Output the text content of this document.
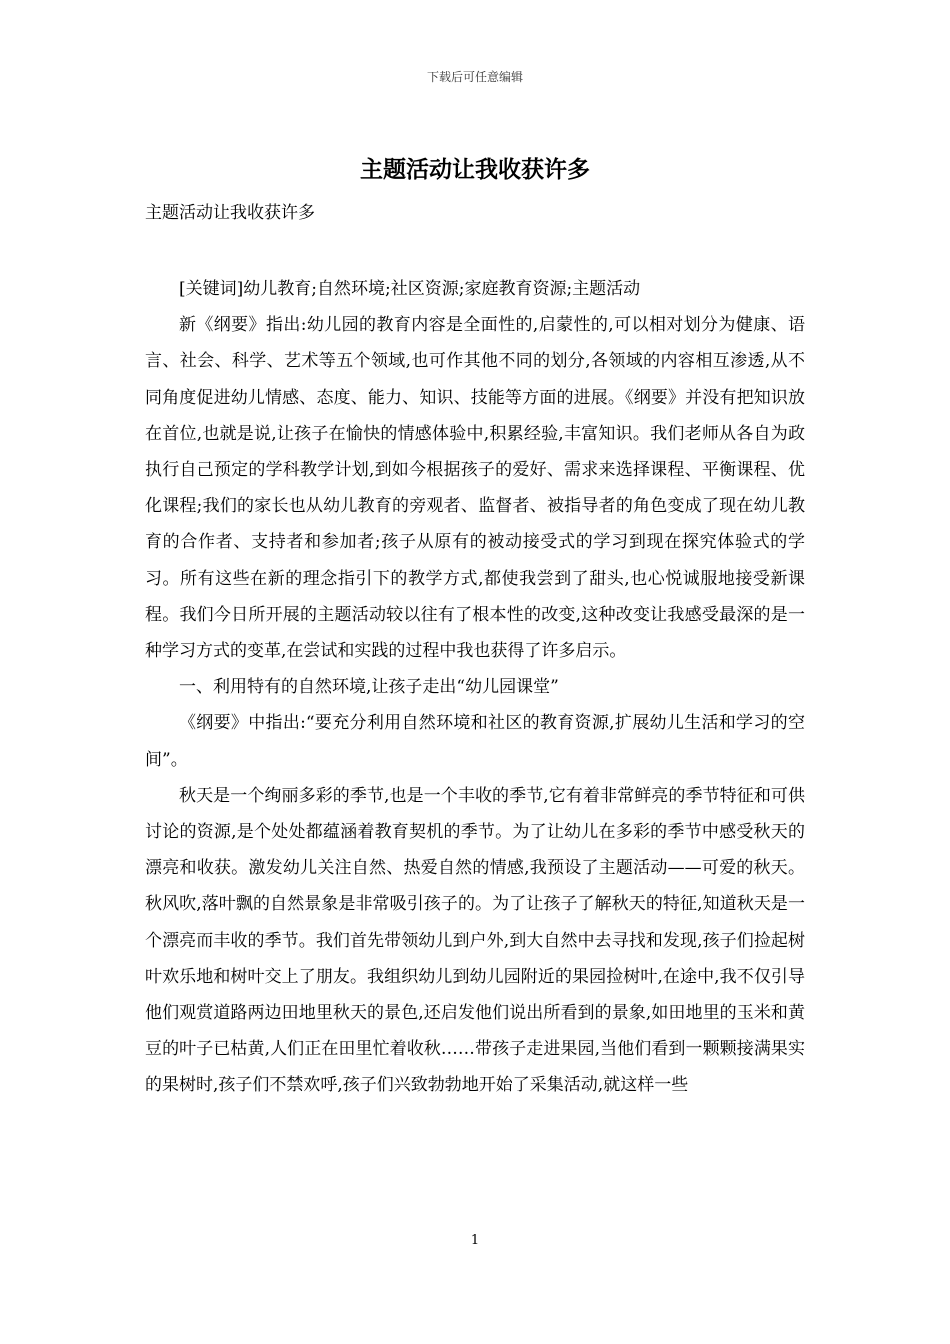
下载后可任意编辑
主题活动让我收获许多
主题活动让我收获许多

[关键词]幼儿教育;自然环境;社区资源;家庭教育资源;主题活动

新《纲要》指出:幼儿园的教育内容是全面性的,启蒙性的,可以相对划分为健康、语言、社会、科学、艺术等五个领域,也可作其他不同的划分,各领域的内容相互渗透,从不同角度促进幼儿情感、态度、能力、知识、技能等方面的进展。《纲要》并没有把知识放在首位,也就是说,让孩子在愉快的情感体验中,积累经验,丰富知识。我们老师从各自为政执行自己预定的学科教学计划,到如今根据孩子的爱好、需求来选择课程、平衡课程、优化课程;我们的家长也从幼儿教育的旁观者、监督者、被指导者的角色变成了现在幼儿教育的合作者、支持者和参加者;孩子从原有的被动接受式的学习到现在探究体验式的学习。所有这些在新的理念指引下的教学方式,都使我尝到了甜头,也心悦诚服地接受新课程。我们今日所开展的主题活动较以往有了根本性的改变,这种改变让我感受最深的是一种学习方式的变革,在尝试和实践的过程中我也获得了许多启示。

一、利用特有的自然环境,让孩子走出“幼儿园课堂”

《纲要》中指出:“要充分利用自然环境和社区的教育资源,扩展幼儿生活和学习的空间”。

秋天是一个绚丽多彩的季节,也是一个丰收的季节,它有着非常鲜亮的季节特征和可供讨论的资源,是个处处都蕴涵着教育契机的季节。为了让幼儿在多彩的季节中感受秋天的漂亮和收获。激发幼儿关注自然、热爱自然的情感,我预设了主题活动——可爱的秋天。秋风吹,落叶飘的自然景象是非常吸引孩子的。为了让孩子了解秋天的特征,知道秋天是一个漂亮而丰收的季节。我们首先带领幼儿到户外,到大自然中去寻找和发现,孩子们捡起树叶欢乐地和树叶交上了朋友。我组织幼儿到幼儿园附近的果园捡树叶,在途中,我不仅引导他们观赏道路两边田地里秋天的景色,还启发他们说出所看到的景象,如田地里的玉米和黄豆的叶子已枯黄,人们正在田里忙着收秋……带孩子走进果园,当他们看到一颗颗接满果实的果树时,孩子们不禁欢呼,孩子们兴致勃勃地开始了采集活动,就这样一些

1
